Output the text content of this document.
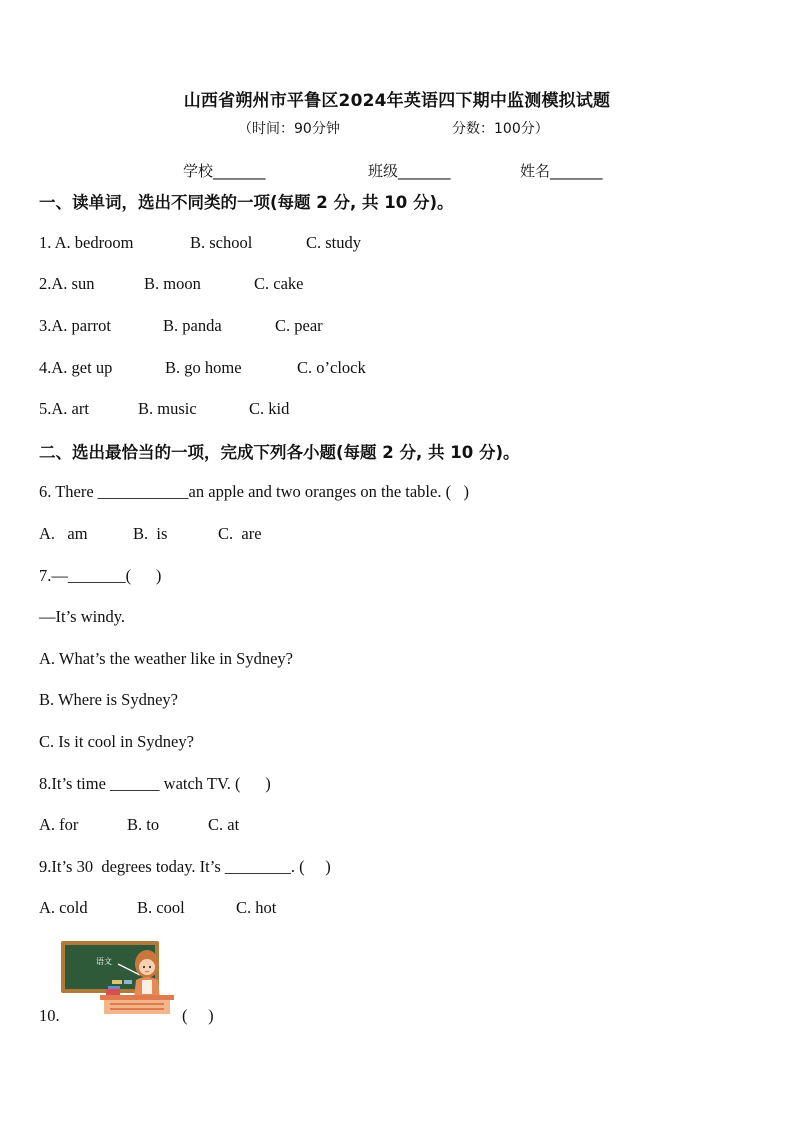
山西省朔州市平鲁区2024年英语四下期中监测模拟试题
（时间：90分钟	分数：100分）
学校_______	班级_______	姓名_______
一、读单词，选出不同类的一项(每题 2 分, 共 10 分)。
1. A. bedroom	B. school	C. study
2.A. sun	B. moon	C. cake
3.A. parrot	B. panda	C. pear
4.A. get up	B. go home	C. o’clock
5.A. art	B. music	C. kid
二、选出最恰当的一项，完成下列各小题(每题 2 分, 共 10 分)。
6. There ___________an apple and two oranges on the table. (   )
A.   am	B.  is	C.  are
7.—_______(      )
—It’s windy.
A. What’s the weather like in Sydney?
B. Where is Sydney?
C. Is it cool in Sydney?
8.It’s time ______ watch TV. (      )
A. for	B. to	C. at
9.It’s 30  degrees today. It’s ________. (     )
A. cold	B. cool	C. hot
10.	(     )
语文
